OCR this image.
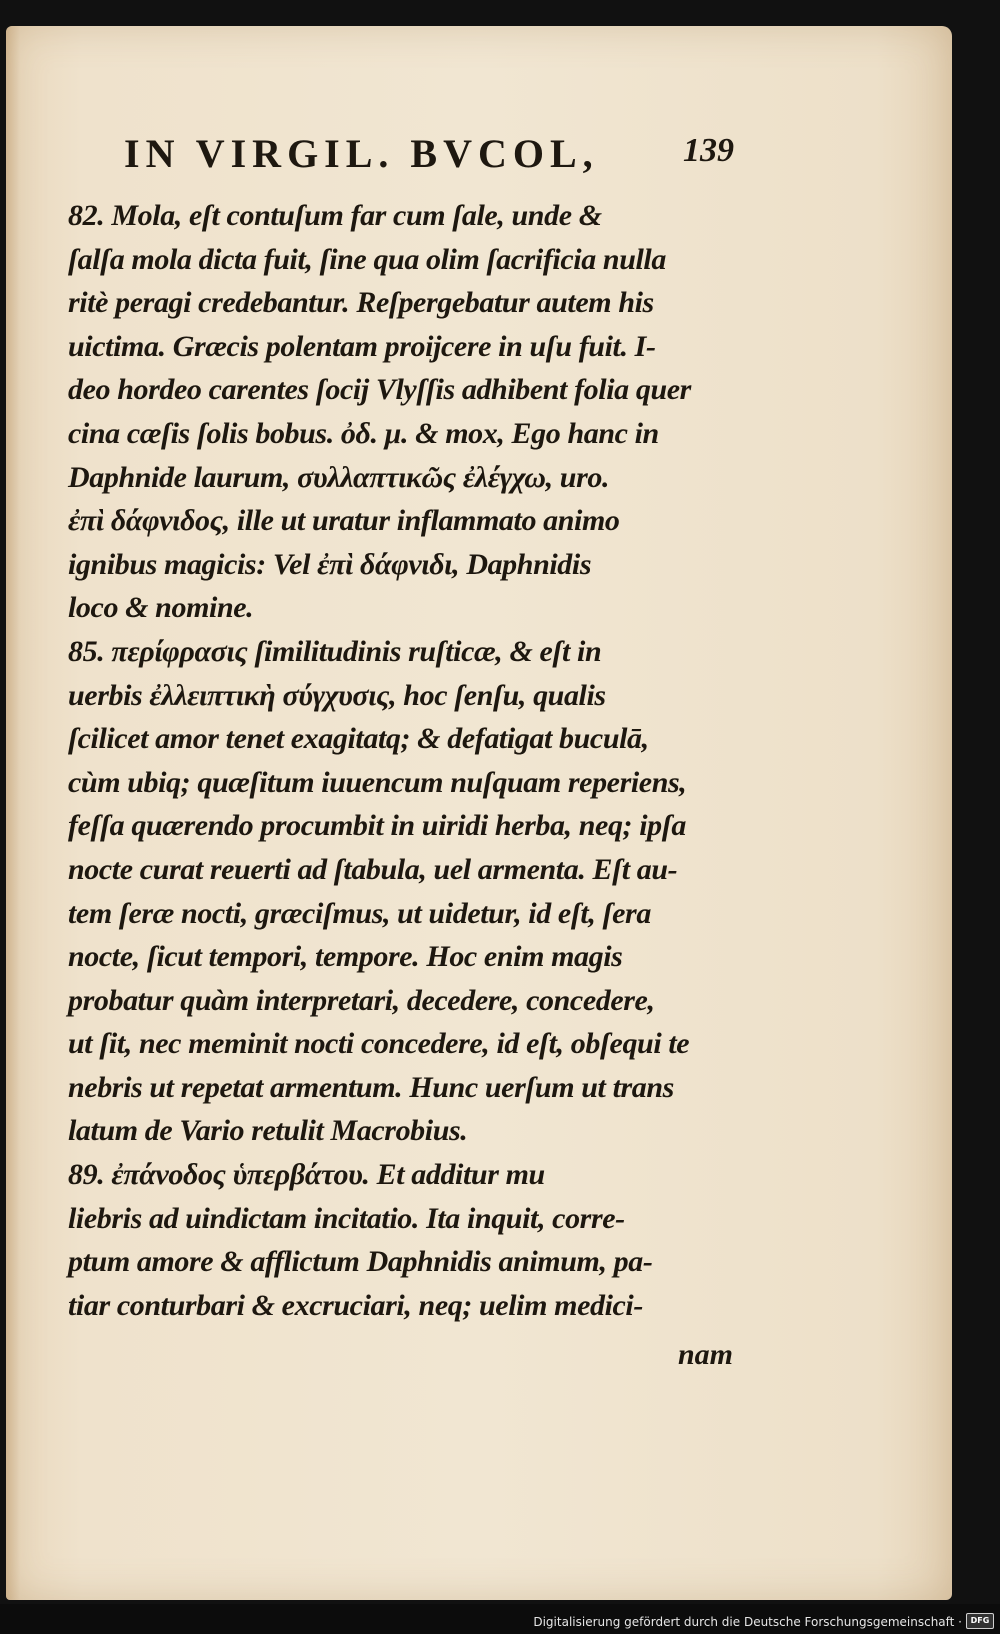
IN VIRGIL. BVCOL, 139
82. Mola, eſt contuſum far cum ſale, unde &
ſalſa mola dicta fuit, ſine qua olim ſacrificia nulla
ritè peragi credebantur. Reſpergebatur autem his
uictima. Græcis polentam proijcere in uſu fuit. I-
deo hordeo carentes ſocij Vlyſſis adhibent folia quer
cina cæſis ſolis bobus. ὀδ. μ. & mox, Ego hanc in
Daphnide laurum, συλλαπτικῶς ἐλέγχω, uro.
ἐπὶ δάφνιδος, ille ut uratur inflammato animo
ignibus magicis: Vel ἐπὶ δάφνιδι, Daphnidis
loco & nomine.
85. περίφρασις ſimilitudinis ruſticæ, & eſt in
uerbis ἐλλειπτικὴ σύγχυσις, hoc ſenſu, qualis
ſcilicet amor tenet exagitatq; & defatigat buculā,
cùm ubiq; quæſitum iuuencum nuſquam reperiens,
feſſa quærendo procumbit in uiridi herba, neq; ipſa
nocte curat reuerti ad ſtabula, uel armenta. Eſt au-
tem ſeræ nocti, græciſmus, ut uidetur, id eſt, ſera
nocte, ſicut tempori, tempore. Hoc enim magis
probatur quàm interpretari, decedere, concedere,
ut ſit, nec meminit nocti concedere, id eſt, obſequi te
nebris ut repetat armentum. Hunc uerſum ut trans
latum de Vario retulit Macrobius.
89. ἐπάνοδος ὑπερβάτου. Et additur mu
liebris ad uindictam incitatio. Ita inquit, corre-
ptum amore & afflictum Daphnidis animum, pa-
tiar conturbari & excruciari, neq; uelim medici-
nam
Digitalisierung gefördert durch die Deutsche Forschungsgemeinschaft ·	DFG
